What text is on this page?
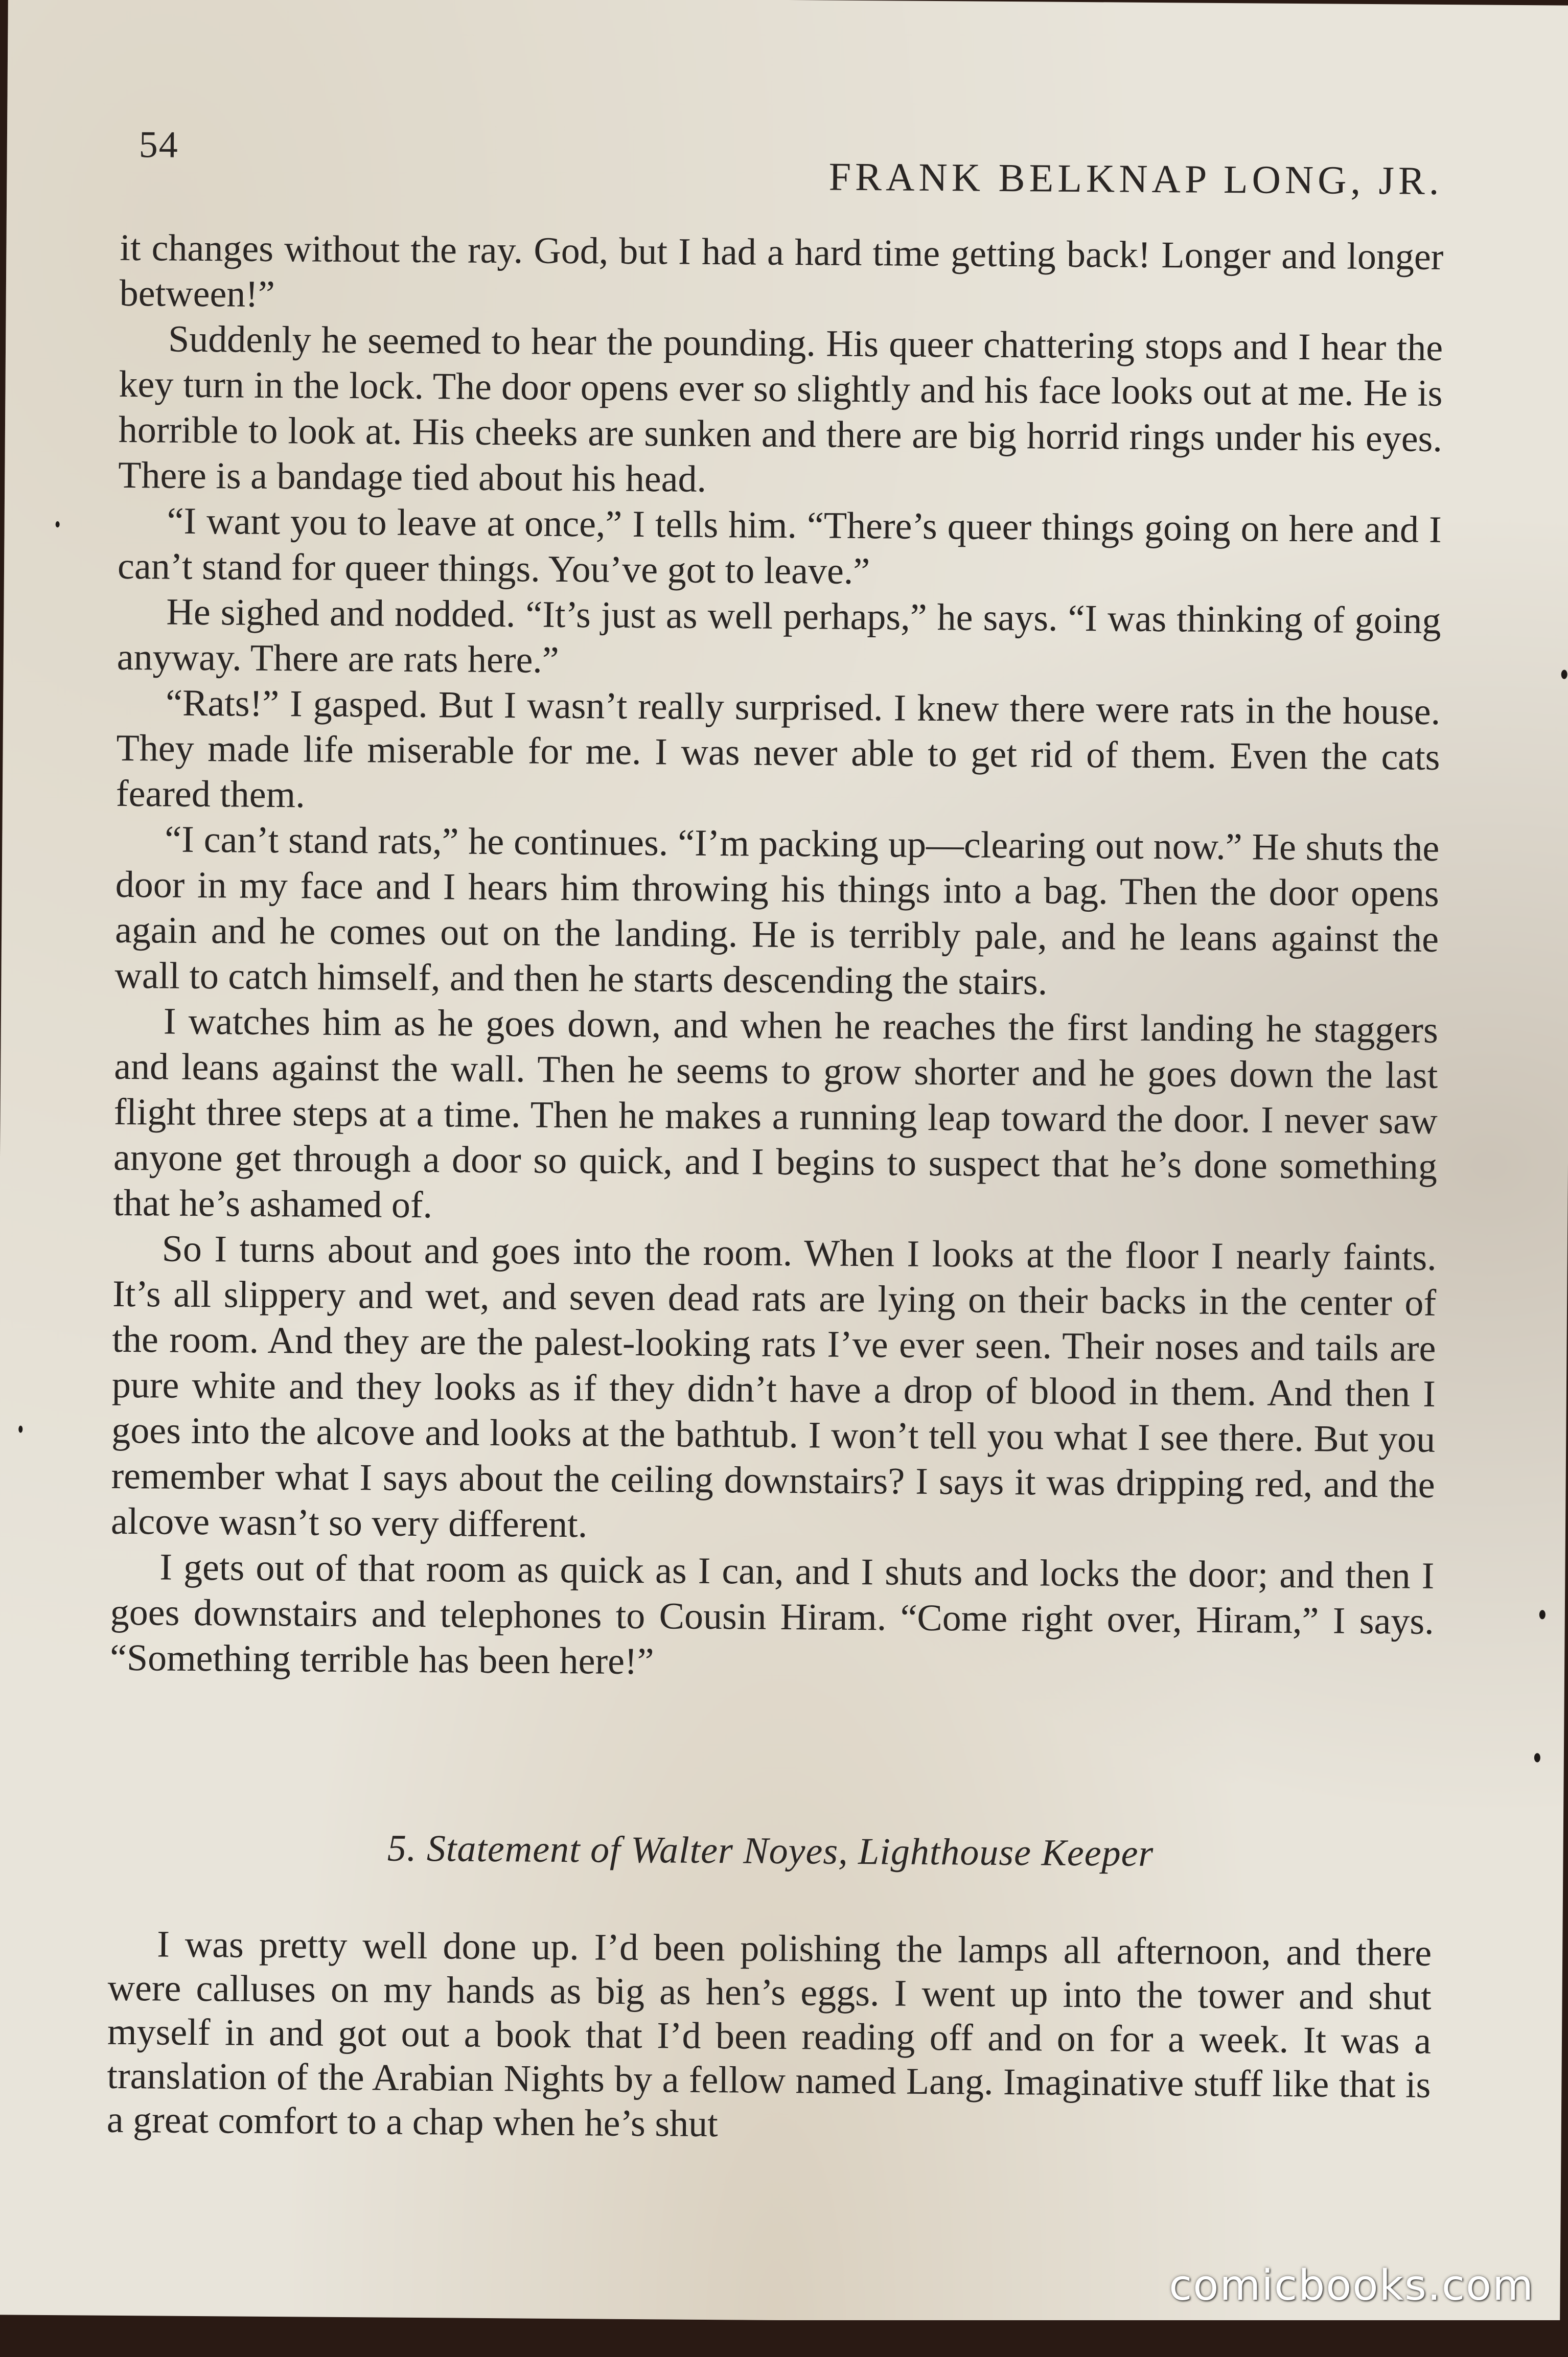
54
FRANK BELKNAP LONG, JR.

it changes without the ray. God, but I had a hard time getting back! Longer and longer between!”

Suddenly he seemed to hear the pounding. His queer chattering stops and I hear the key turn in the lock. The door opens ever so slightly and his face looks out at me. He is horrible to look at. His cheeks are sunken and there are big horrid rings under his eyes. There is a bandage tied about his head.

“I want you to leave at once,” I tells him. “There’s queer things going on here and I can’t stand for queer things. You’ve got to leave.”

He sighed and nodded. “It’s just as well perhaps,” he says. “I was thinking of going anyway. There are rats here.”

“Rats!” I gasped. But I wasn’t really surprised. I knew there were rats in the house. They made life miserable for me. I was never able to get rid of them. Even the cats feared them.

“I can’t stand rats,” he continues. “I’m packing up—clearing out now.” He shuts the door in my face and I hears him throwing his things into a bag. Then the door opens again and he comes out on the landing. He is terribly pale, and he leans against the wall to catch himself, and then he starts descending the stairs.

I watches him as he goes down, and when he reaches the first landing he staggers and leans against the wall. Then he seems to grow shorter and he goes down the last flight three steps at a time. Then he makes a running leap toward the door. I never saw anyone get through a door so quick, and I begins to suspect that he’s done something that he’s ashamed of.

So I turns about and goes into the room. When I looks at the floor I nearly faints. It’s all slippery and wet, and seven dead rats are lying on their backs in the center of the room. And they are the palest-looking rats I’ve ever seen. Their noses and tails are pure white and they looks as if they didn’t have a drop of blood in them. And then I goes into the alcove and looks at the bathtub. I won’t tell you what I see there. But you remember what I says about the ceiling downstairs? I says it was dripping red, and the alcove wasn’t so very different.

I gets out of that room as quick as I can, and I shuts and locks the door; and then I goes downstairs and telephones to Cousin Hiram. “Come right over, Hiram,” I says. “Something terrible has been here!”

5. Statement of Walter Noyes, Lighthouse Keeper

I was pretty well done up. I’d been polishing the lamps all afternoon, and there were calluses on my hands as big as hen’s eggs. I went up into the tower and shut myself in and got out a book that I’d been reading off and on for a week. It was a translation of the Arabian Nights by a fellow named Lang. Imaginative stuff like that is a great comfort to a chap when he’s shut

comicbooks.com
